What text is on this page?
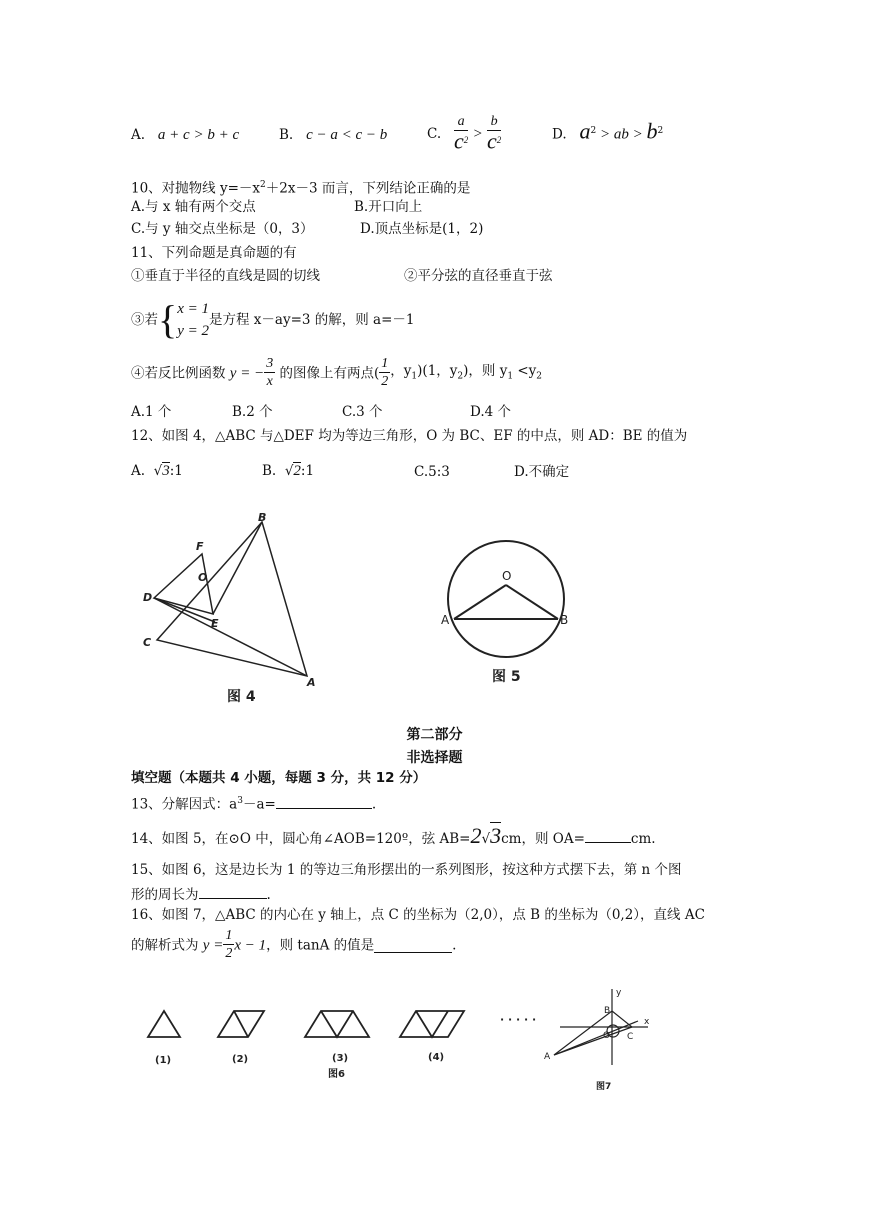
A. a + c > b + c	B. c − a < c − b	C. $\frac{a}{c^2} > \frac{b}{c^2}$	D. $a^2$ > ab > $b^2$
10、对抛物线 $y=-x^2+2x-3$ 而言，下列结论正确的是
A.与 x 轴有两个交点	B.开口向上
C.与 y 轴交点坐标是（0，3）	D.顶点坐标是(1，2)
11、下列命题是真命题的有
①垂直于半径的直线是圆的切线	②平分弦的直径垂直于弦
③若{ x = 1
y = 2
是方程 x－ay=3 的解，则 a=－1
④若反比例函数 y = − $\frac{3}{x}$ 的图像上有两点( $\frac{1}{2}$ ，$y_1)(1$，$y_2$)，则 $y_1 <y_2$
A.1 个	B.2 个	C.3 个	D.4 个
12、如图 4，△ABC 与△DEF 均为等边三角形，O 为 BC、EF 的中点，则 AD：BE 的值为
A. √3:1	B. √2:1	C.5:3	D.不确定
B
F
O
D
E
C
A
图 4
O
A	B
图 5
第二部分
非选择题
填空题（本题共 4 小题，每题 3 分，共 12 分）
13、分解因式：$a^3-a=$	.
14、如图 5，在⊙O 中，圆心角∠AOB=120º，弦 AB=2√3cm，则 OA=	cm.
15、如图 6，这是边长为 1 的等边三角形摆出的一系列图形，按这种方式摆下去，第 n 个图
形的周长为	.
16、如图 7，△ABC 的内心在 y 轴上，点 C 的坐标为（2,0），点 B 的坐标为（0,2），直线 AC
的解析式为 $y = \frac{1}{2}$ x − 1，则 tanA 的值是	.
(1)	(2)	(3)	(4)
图6
· · · · ·
y
x
B
O C
A
图7
